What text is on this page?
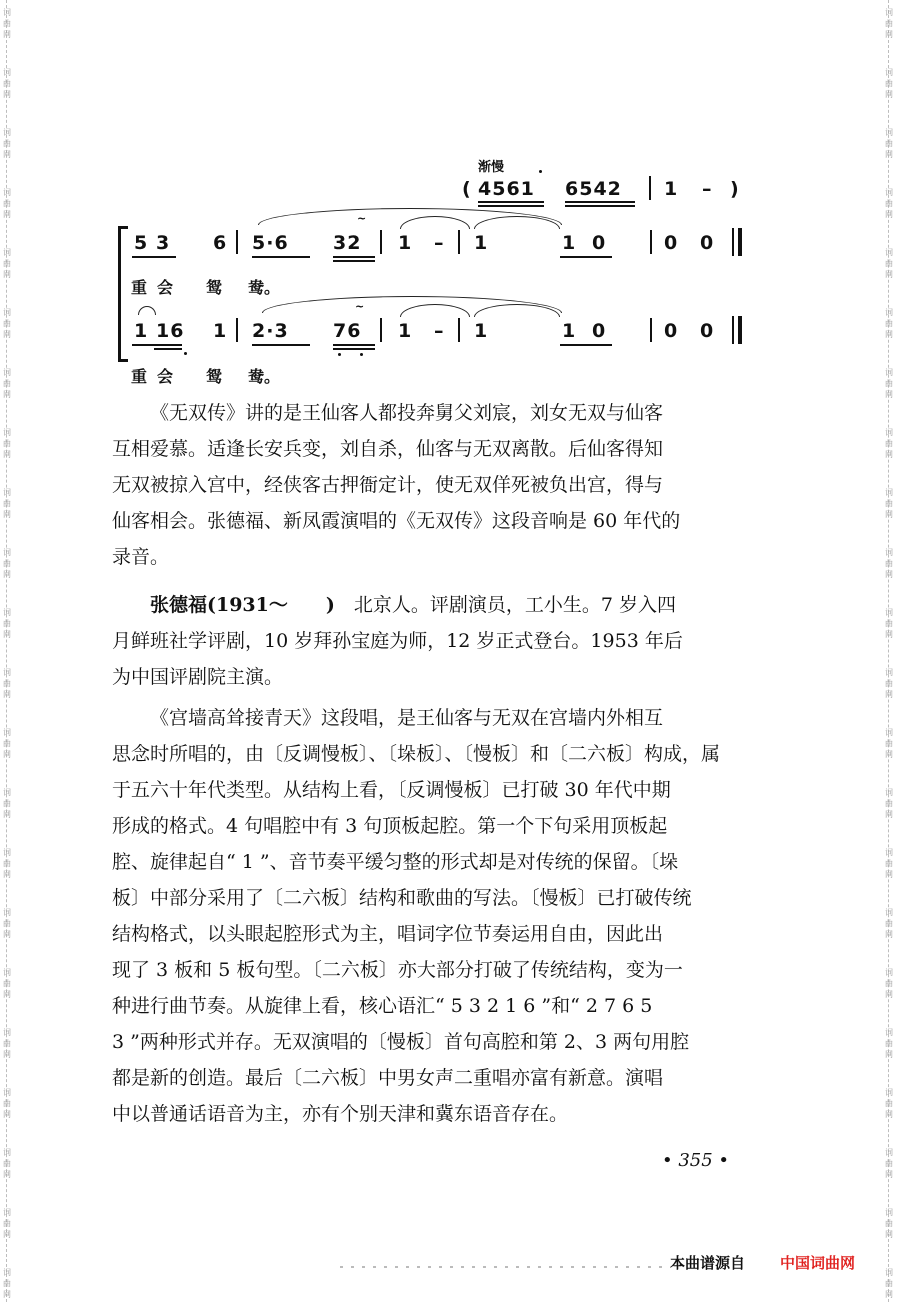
词
曲
网
词
曲
网
词
曲
网
词
曲
网
词
曲
网
词
曲
网
词
曲
网
词
曲
网
词
曲
网
词
曲
网
词
曲
网
词
曲
网
词
曲
网
词
曲
网
词
曲
网
词
曲
网
词
曲
网
词
曲
网
词
曲
网
词
曲
网
词
曲
网
词
曲
网
词
曲
网
词
曲
网
词
曲
网
词
曲
网
词
曲
网
词
曲
网
词
曲
网
词
曲
网
词
曲
网
词
曲
网
词
曲
网
词
曲
网
词
曲
网
词
曲
网
词
曲
网
词
曲
网
词
曲
网
词
曲
网
词
曲
网
词
曲
网
词
曲
网
词
曲
网
渐慢
( 4561 6542 1 – )
~
5 3 6 5·6 32 1 – 1	1 0	0 0
重会 鸳 鸯。
~
1 16 1 2·3 76 1 – 1	1 0	0 0
重会 鸳 鸯。
《无双传》讲的是王仙客人都投奔舅父刘宸，刘女无双与仙客
互相爱慕。适逢长安兵变，刘自杀，仙客与无双离散。后仙客得知
无双被掠入宫中，经侠客古押衙定计，使无双佯死被负出宫，得与
仙客相会。张德福、新凤霞演唱的《无双传》这段音响是 60 年代的
录音。
张德福(1931～　　)  北京人。评剧演员，工小生。7 岁入四
月鲜班社学评剧，10 岁拜孙宝庭为师，12 岁正式登台。1953 年后
为中国评剧院主演。
《宫墙高耸接青天》这段唱，是王仙客与无双在宫墙内外相互
思念时所唱的，由〔反调慢板〕、〔垛板〕、〔慢板〕和〔二六板〕构成，属
于五六十年代类型。从结构上看，〔反调慢板〕已打破 30 年代中期
形成的格式。4 句唱腔中有 3 句顶板起腔。第一个下句采用顶板起
腔、旋律起自“ 1 ”、音节奏平缓匀整的形式却是对传统的保留。〔垛
板〕中部分采用了〔二六板〕结构和歌曲的写法。〔慢板〕已打破传统
结构格式，以头眼起腔形式为主，唱词字位节奏运用自由，因此出
现了 3 板和 5 板句型。〔二六板〕亦大部分打破了传统结构，变为一
种进行曲节奏。从旋律上看，核心语汇“ 5 3 2 1 6 ”和“ 2 7 6 5
3 ”两种形式并存。无双演唱的〔慢板〕首句高腔和第 2、3 两句用腔
都是新的创造。最后〔二六板〕中男女声二重唱亦富有新意。演唱
中以普通话语音为主，亦有个别天津和冀东语音存在。
• 355 •
本曲谱源自 中国词曲网
